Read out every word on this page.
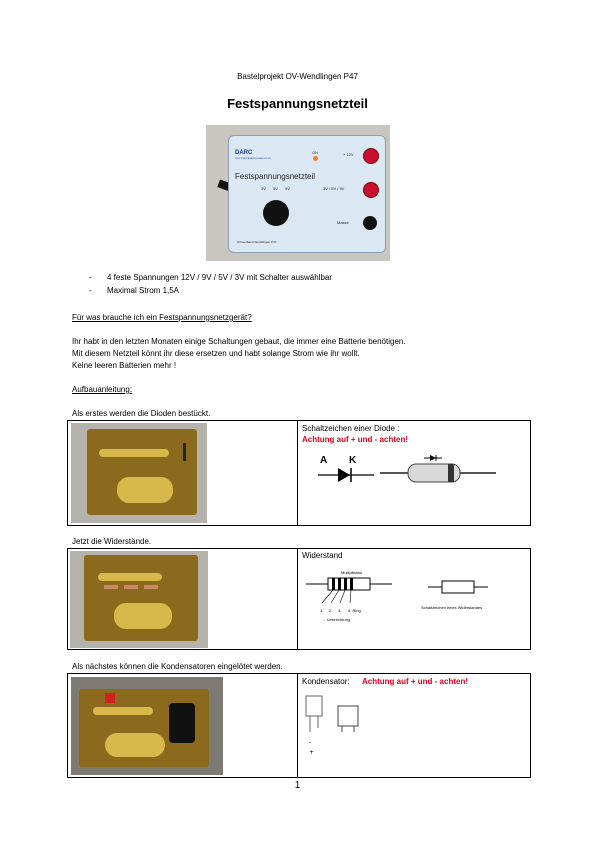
Bastelprojekt OV-Wendlingen P47
Festspannungsnetzteil
DARC
DEUTSCHER AMATEUR-RADIO-CLUB
Festspannungsnetzteil
ON
3V 5V 9V
+ 12V
3V / 5V / 9V
Masse
Ortsverband Wendlingen P47
- 4 feste Spannungen 12V / 9V / 5V / 3V mit Schalter auswählbar
- Maximal Strom 1,5A
Für was brauche ich ein Festspannungsnetzgerät?
Ihr habt in den letzten Monaten einige Schaltungen gebaut, die immer eine Batterie benötigen.
Mit diesem Netzteil könnt ihr diese ersetzen und habt solange Strom wie ihr wollt.
Keine leeren Batterien mehr !
Aufbauanleitung:
Als erstes werden die Dioden bestückt.
Schaltzeichen einer Diode :
Achtung auf + und - achten!
A K
Jetzt die Widerstände.
Widerstand
Multiplikator
1. 2. 3. 4. Ring
→ Leserichtung
Schaltzeichen eines Widerstandes
Als nächstes können die Kondensatoren eingelötet werden.
Kondensator: Achtung auf + und - achten!
-
+
1
